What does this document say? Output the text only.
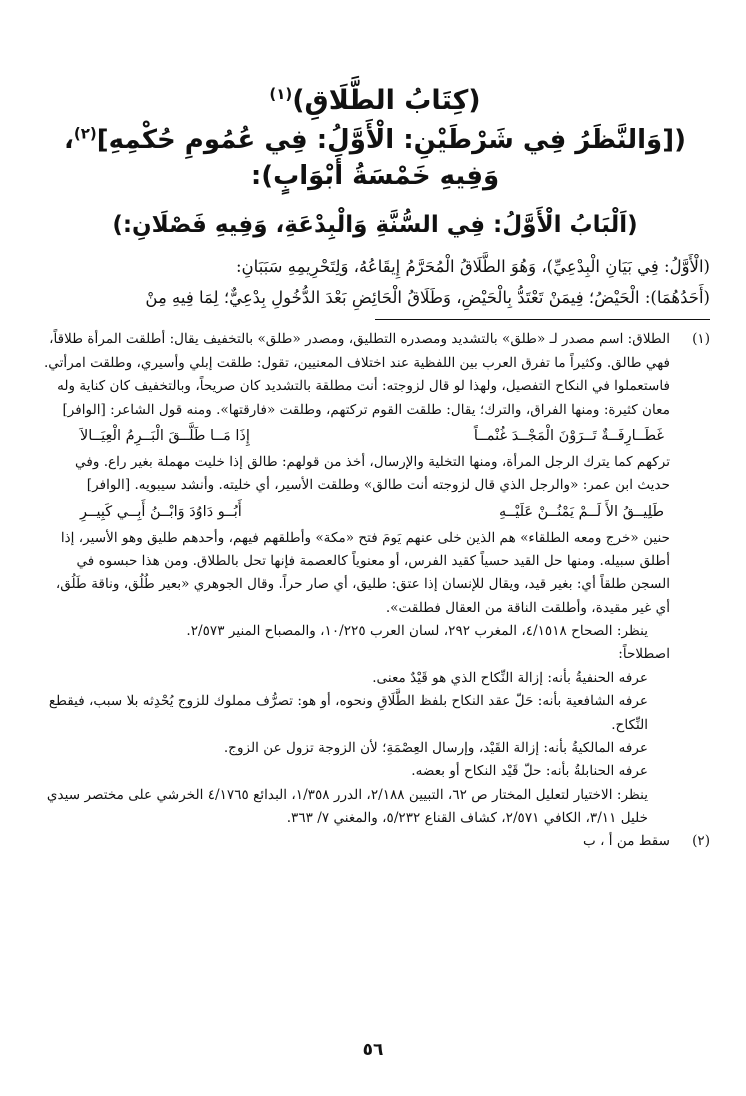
(كِتَابُ الطَّلَاقِ)$^{(١)}$
([وَالنَّظَرُ فِي شَرْطَيْنِ: الْأَوَّلُ: فِي عُمُومِ حُكْمِهِ]$^{(٢)}$،
وَفِيهِ خَمْسَةُ أَبْوَابٍ):
(اَلْبَابُ الْأَوَّلُ: فِي السُّنَّةِ وَالْبِدْعَةِ، وَفِيهِ فَصْلَانِ:)

(الْأَوَّلُ: فِي بَيَانِ الْبِدْعِيِّ)، وَهُوَ الطَّلَاقُ الْمُحَرَّمُ إِيقَاعُهُ، وَلِتَحْرِيمِهِ سَبَبَانِ:

(أَحَدُهُمَا): الْحَيْضُ؛ فِيمَنْ تَعْتَدُّ بِالْحَيْضِ، وَطَلَاقُ الْحَائِضِ بَعْدَ الدُّخُولِ بِدْعِيٌّ؛ لِمَا فِيهِ مِنْ

(١)

الطلاق: اسم مصدر لـ «طلق» بالتشديد ومصدره التطليق، ومصدر «طلق» بالتخفيف يقال: أطلقت المرأة طلاقاً، فهي طالق. وكثيراً ما تفرق العرب بين اللفظية عند اختلاف المعنيين، تقول: طلقت إبلي وأسيري، وطلقت امرأتي. فاستعملوا في النكاح التفصيل، ولهذا لو قال لزوجته: أنت مطلقة بالتشديد كان صريحاً، وبالتخفيف كان كناية وله معان كثيرة: ومنها الفراق، والترك؛ يقال: طلقت القوم تركتهم، وطلقت «فارقتها». ومنه قول الشاعر: [الوافر]

غَطَــارِفَــةٌ تَــرَوْنَ الْمَجْــدَ غُنْمــاً
إِذَا مَــا طَلَّــقَ الْبَــرِمُ الْعِيَــالاَ

تركهم كما يترك الرجل المرأة، ومنها التخلية والإرسال، أخذ من قولهم: طالق إذا خليت مهملة بغير راع. وفي حديث ابن عمر: «والرجل الذي قال لزوجته أنت طالق» وطلقت الأسير، أي خليته. وأنشد سيبويه. [الوافر]

طَلِيــقُ الأَ لَــمْ يَمْنُــنْ عَلَيْــهِ
أَبُــو دَاوُدَ وَابْــنُ أَبِــي كَبِيــرِ

حنين «خرج ومعه الطلقاء» هم الذين خلى عنهم يَومَ فتح «مكة» وأطلقهم فيهم، وأحدهم طليق وهو الأسير، إذا أطلق سبيله. ومنها حل القيد حسياً كقيد الفرس، أو معنوياً كالعصمة فإنها تحل بالطلاق. ومن هذا حبسوه في السجن طلقاً أي: بغير قيد، ويقال للإنسان إذا عتق: طليق، أي صار حراً. وقال الجوهري «بعير طُلُق، وناقة طَلُق، أي غير مقيدة، وأطلقت الناقة من العقال فطلقت».

ينظر: الصحاح ٤/١٥١٨، المغرب ٢٩٢، لسان العرب ١٠/٢٢٥، والمصباح المنير ٢/٥٧٣.

اصطلاحاً:

عرفه الحنفيةُ بأنه: إزالة النِّكاح الذي هو قَيْدٌ معنى.

عرفه الشافعية بأنه: حَلّ عقد النكاح بلفظ الطَّلَاقِ ونحوه، أو هو: تصرُّف مملوك للزوج يُحْدِثه بلا سبب، فيقطع النِّكاح.

عرفه المالكيةُ بأنه: إزالة القَيْد، وإرسال العِصْمَةِ؛ لأن الزوجة تزول عن الزوج.

عرفه الحنابلةُ بأنه: حلّ قَيْد النكاح أو بعضه.

ينظر: الاختيار لتعليل المختار ص ٦٢، التبيين ٢/١٨٨، الدرر ١/٣٥٨، البدائع ٤/١٧٦٥ الخرشي على مختصر سيدي خليل ٣/١١، الكافي ٢/٥٧١، كشاف القناع ٥/٢٣٢، والمغني ٧/ ٣٦٣.

(٢)

سقط من أ ، ب

٥٦
